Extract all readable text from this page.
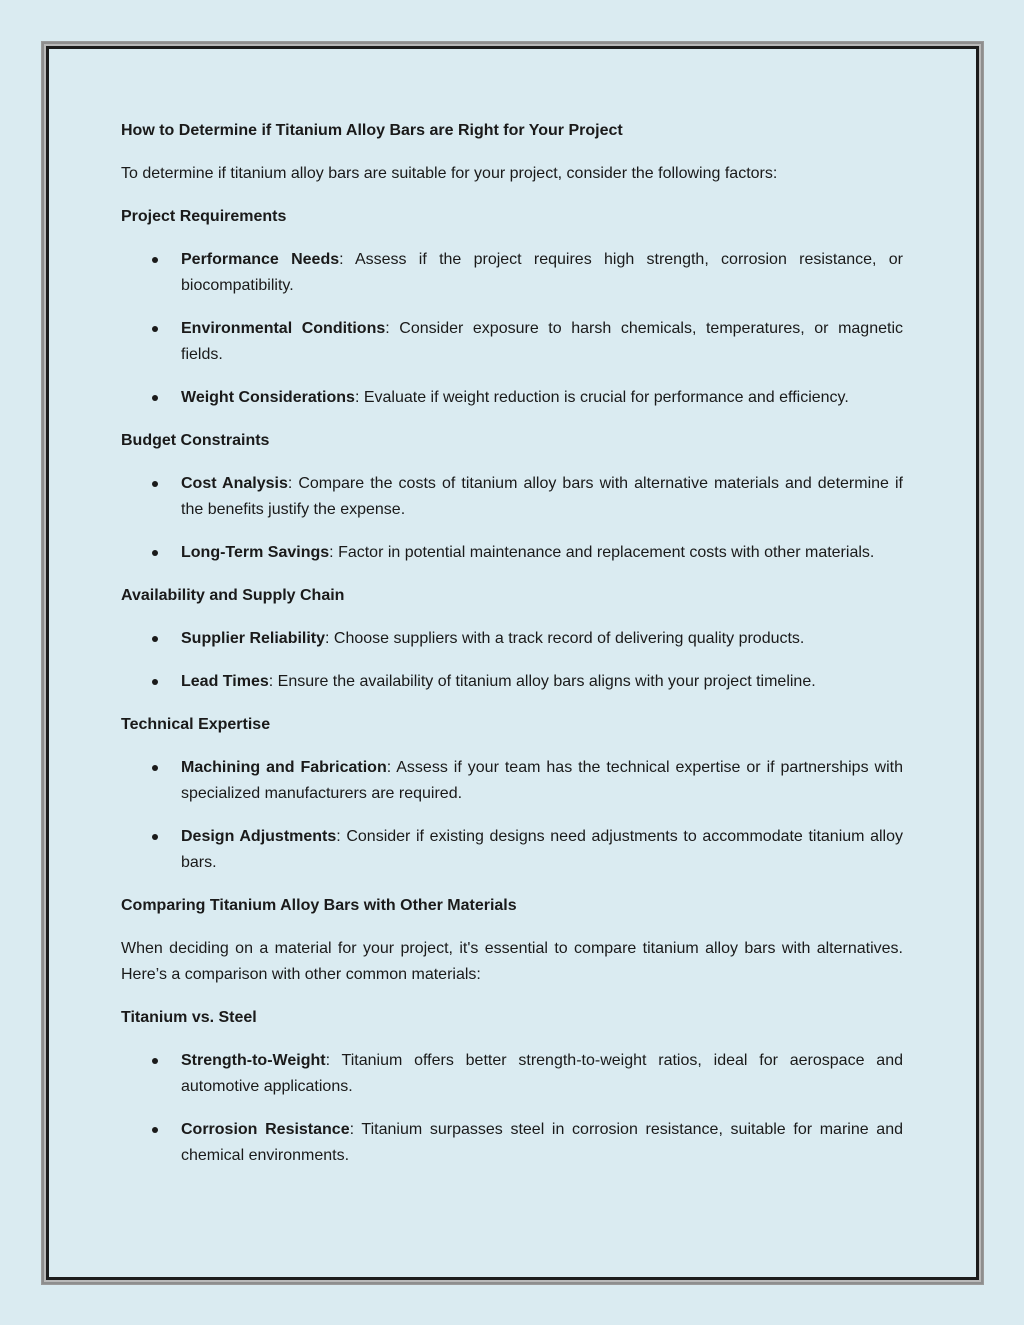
How to Determine if Titanium Alloy Bars are Right for Your Project

To determine if titanium alloy bars are suitable for your project, consider the following factors:

Project Requirements

Performance Needs: Assess if the project requires high strength, corrosion resistance, or biocompatibility.
Environmental Conditions: Consider exposure to harsh chemicals, temperatures, or magnetic fields.
Weight Considerations: Evaluate if weight reduction is crucial for performance and efficiency.

Budget Constraints

Cost Analysis: Compare the costs of titanium alloy bars with alternative materials and determine if the benefits justify the expense.
Long-Term Savings: Factor in potential maintenance and replacement costs with other materials.

Availability and Supply Chain

Supplier Reliability: Choose suppliers with a track record of delivering quality products.
Lead Times: Ensure the availability of titanium alloy bars aligns with your project timeline.

Technical Expertise

Machining and Fabrication: Assess if your team has the technical expertise or if partnerships with specialized manufacturers are required.
Design Adjustments: Consider if existing designs need adjustments to accommodate titanium alloy bars.

Comparing Titanium Alloy Bars with Other Materials

When deciding on a material for your project, it's essential to compare titanium alloy bars with alternatives. Here’s a comparison with other common materials:

Titanium vs. Steel

Strength-to-Weight: Titanium offers better strength-to-weight ratios, ideal for aerospace and automotive applications.
Corrosion Resistance: Titanium surpasses steel in corrosion resistance, suitable for marine and chemical environments.
